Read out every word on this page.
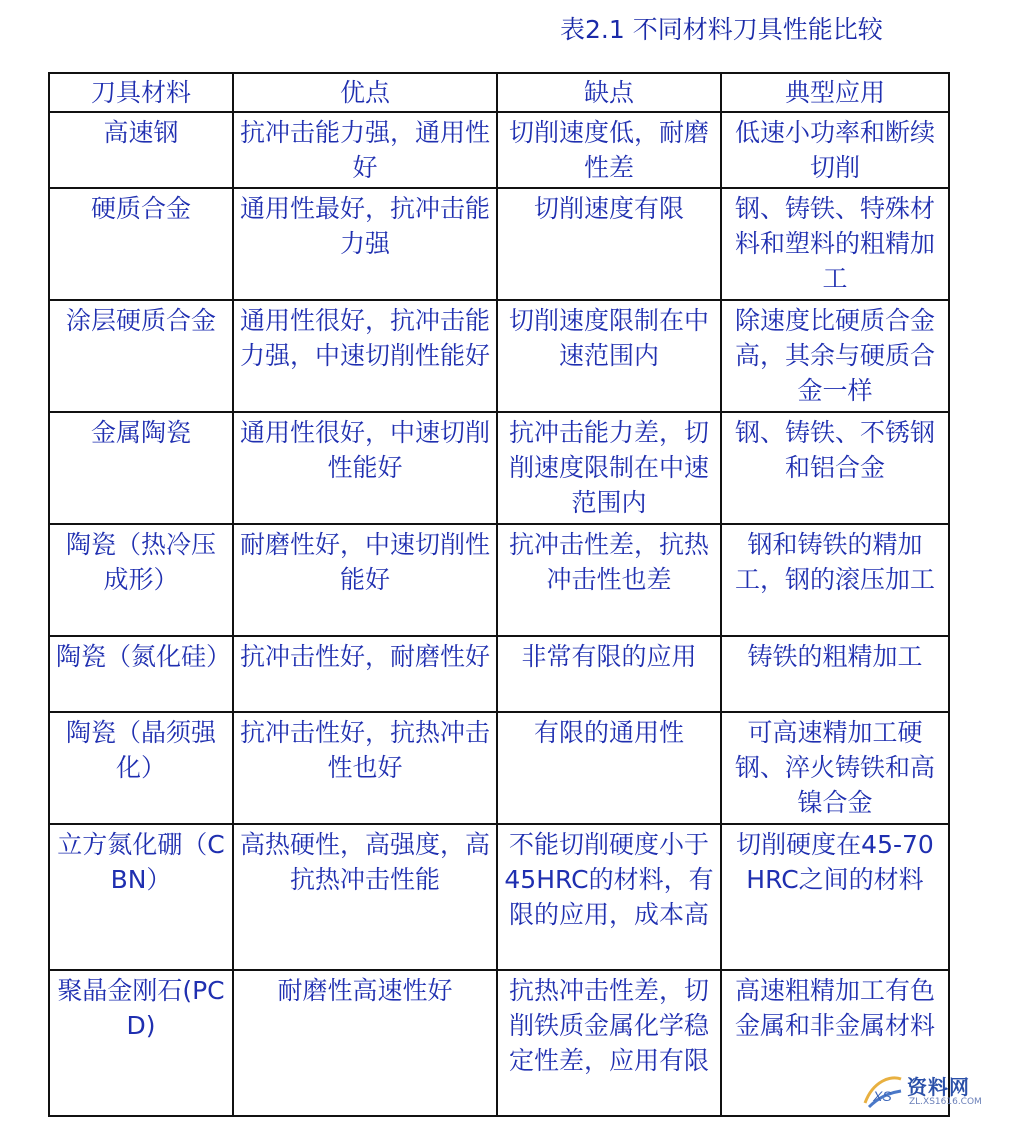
表2.1 不同材料刀具性能比较
刀具材料	优点	缺点	典型应用
高速钢	抗冲击能力强，通用性好	切削速度低，耐磨性差	低速小功率和断续切削
硬质合金	通用性最好，抗冲击能力强	切削速度有限	钢、铸铁、特殊材料和塑料的粗精加工
涂层硬质合金	通用性很好，抗冲击能力强，中速切削性能好	切削速度限制在中速范围内	除速度比硬质合金高，其余与硬质合金一样
金属陶瓷	通用性很好，中速切削性能好	抗冲击能力差，切削速度限制在中速范围内	钢、铸铁、不锈钢和铝合金
陶瓷（热冷压成形）	耐磨性好，中速切削性能好	抗冲击性差，抗热冲击性也差	钢和铸铁的精加工，钢的滚压加工
陶瓷（氮化硅）	抗冲击性好，耐磨性好	非常有限的应用	铸铁的粗精加工
陶瓷（晶须强化）	抗冲击性好，抗热冲击性也好	有限的通用性	可高速精加工硬钢、淬火铸铁和高镍合金
立方氮化硼（CBN）	高热硬性，高强度，高抗热冲击性能	不能切削硬度小于45HRC的材料，有限的应用，成本高	切削硬度在45-70 HRC之间的材料
聚晶金刚石(PCD)	耐磨性高速性好	抗热冲击性差，切削铁质金属化学稳定性差，应用有限	高速粗精加工有色金属和非金属材料
XS 资料网
ZL.XS1616.COM
